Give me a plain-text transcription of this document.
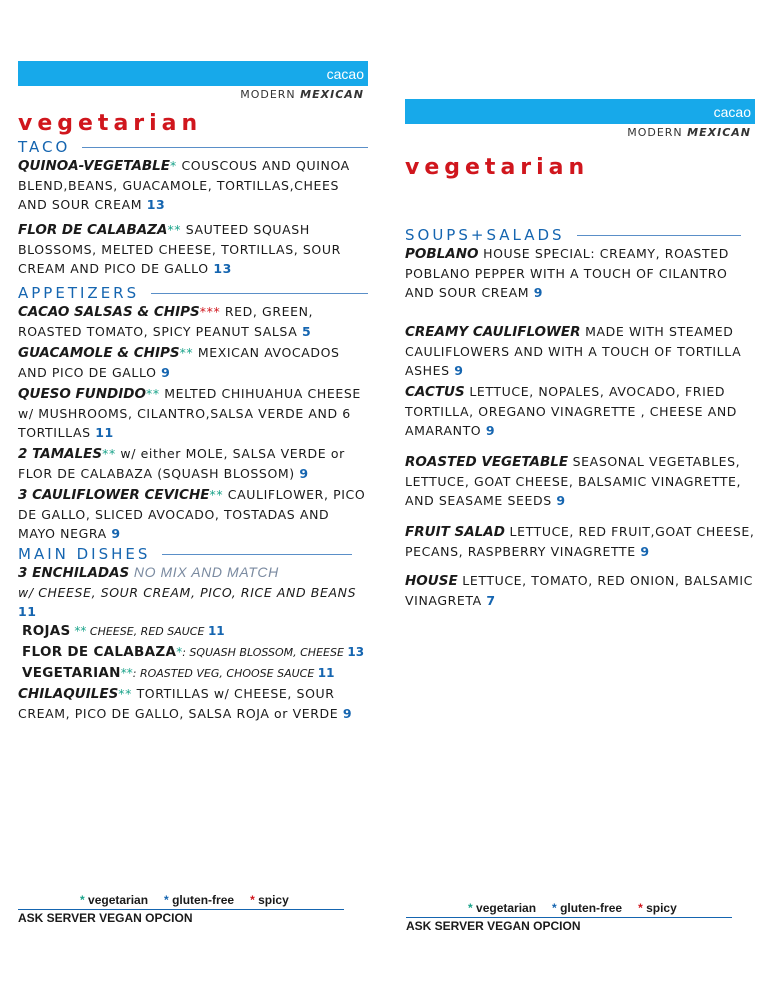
cacao
MODERN MEXICAN
vegetarian
TACO
QUINOA-VEGETABLE* COUSCOUS AND QUINOA BLEND,BEANS, GUACAMOLE, TORTILLAS,CHEES AND SOUR CREAM 13
FLOR DE CALABAZA** SAUTEED SQUASH BLOSSOMS, MELTED CHEESE, TORTILLAS, SOUR CREAM AND PICO DE GALLO 13
APPETIZERS
CACAO SALSAS & CHIPS*** RED, GREEN, ROASTED TOMATO, SPICY PEANUT SALSA 5
GUACAMOLE & CHIPS** MEXICAN AVOCADOS AND PICO DE GALLO 9
QUESO FUNDIDO** MELTED CHIHUAHUA CHEESE w/ MUSHROOMS, CILANTRO,SALSA VERDE AND 6 TORTILLAS 11
2 TAMALES** w/ either MOLE, SALSA VERDE or FLOR DE CALABAZA (SQUASH BLOSSOM) 9
3 CAULIFLOWER CEVICHE** CAULIFLOWER, PICO DE GALLO, SLICED AVOCADO, TOSTADAS AND MAYO NEGRA 9
MAIN DISHES
3 ENCHILADAS NO MIX AND MATCH
w/ CHEESE, SOUR CREAM, PICO, RICE AND BEANS
11
ROJAS ** CHEESE, RED SAUCE 11
FLOR DE CALABAZA*: SQUASH BLOSSOM, CHEESE 13
VEGETARIAN**: ROASTED VEG, CHOOSE SAUCE 11
CHILAQUILES** TORTILLAS w/ CHEESE, SOUR CREAM, PICO DE GALLO, SALSA ROJA or VERDE 9
cacao
MODERN MEXICAN
vegetarian
SOUPS+SALADS
POBLANO HOUSE SPECIAL: CREAMY, ROASTED POBLANO PEPPER WITH A TOUCH OF CILANTRO AND SOUR CREAM 9
CREAMY CAULIFLOWER MADE WITH STEAMED CAULIFLOWERS AND WITH A TOUCH OF TORTILLA ASHES 9
CACTUS LETTUCE, NOPALES, AVOCADO, FRIED TORTILLA, OREGANO VINAGRETTE , CHEESE AND AMARANTO 9
ROASTED VEGETABLE SEASONAL VEGETABLES, LETTUCE, GOAT CHEESE, BALSAMIC VINAGRETTE, AND SEASAME SEEDS 9
FRUIT SALAD LETTUCE, RED FRUIT,GOAT CHEESE, PECANS, RASPBERRY VINAGRETTE 9
HOUSE LETTUCE, TOMATO, RED ONION, BALSAMIC VINAGRETA 7
* vegetarian * gluten-free * spicy
ASK SERVER VEGAN OPCION
* vegetarian * gluten-free * spicy
ASK SERVER VEGAN OPCION
